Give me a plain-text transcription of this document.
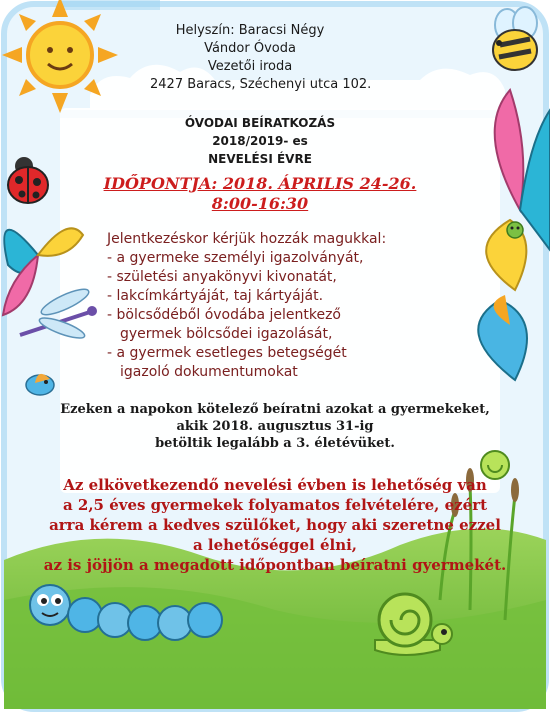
Helyszín: Baracsi Négy
Vándor Óvoda
Vezetői iroda
2427 Baracs, Széchenyi utca 102.
ÓVODAI BEÍRATKOZÁS
2018/2019- es
NEVELÉSI ÉVRE
IDŐPONTJA: 2018. ÁPRILIS 24-26.
8:00-16:30
Jelentkezéskor kérjük hozzák magukkal:
- a gyermeke személyi igazolványát,
- születési anyakönyvi kivonatát,
- lakcímkártyáját, taj kártyáját.
- bölcsődéből óvodába jelentkező
gyermek bölcsődei igazolását,
- a gyermek esetleges betegségét
igazoló dokumentumokat
Ezeken a napokon kötelező beíratni azokat a gyermekeket,
akik 2018. augusztus 31-ig
betöltik legalább a 3. életévüket.
Az elkövetkezendő nevelési évben is lehetőség van
a 2,5 éves gyermekek folyamatos felvételére, ezért
arra kérem a kedves szülőket, hogy aki szeretne ezzel
a lehetőséggel élni,
az is jöjjön a megadott időpontban beíratni gyermekét.
